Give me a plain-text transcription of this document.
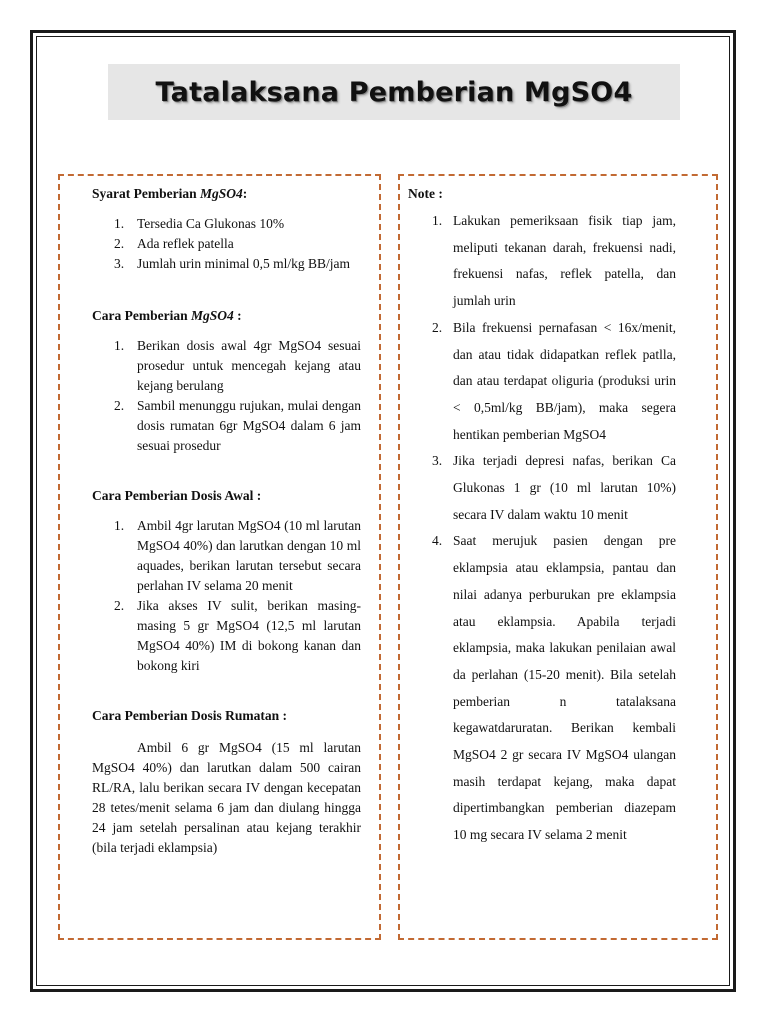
Tatalaksana Pemberian MgSO4

Syarat Pemberian MgSO4:

1. Tersedia Ca Glukonas 10%
2. Ada reflek patella
3. Jumlah urin minimal 0,5 ml/kg BB/jam

Cara Pemberian MgSO4 :

1. Berikan dosis awal 4gr MgSO4 sesuai prosedur untuk mencegah kejang atau kejang berulang
2. Sambil menunggu rujukan, mulai dengan dosis rumatan 6gr MgSO4 dalam 6 jam sesuai prosedur

Cara Pemberian Dosis Awal :

1. Ambil 4gr larutan MgSO4 (10 ml larutan MgSO4 40%) dan larutkan dengan 10 ml aquades, berikan larutan tersebut secara perlahan IV selama 20 menit
2. Jika akses IV sulit, berikan masing-masing 5 gr MgSO4 (12,5 ml larutan MgSO4 40%) IM di bokong kanan dan bokong kiri

Cara Pemberian Dosis Rumatan :

Ambil 6 gr MgSO4 (15 ml larutan MgSO4 40%) dan larutkan dalam 500 cairan RL/RA, lalu berikan secara IV dengan kecepatan 28 tetes/menit selama 6 jam dan diulang hingga 24 jam setelah persalinan atau kejang terakhir (bila terjadi eklampsia)

Note :

1. Lakukan pemeriksaan fisik tiap jam, meliputi tekanan darah, frekuensi nadi, frekuensi nafas, reflek patella, dan jumlah urin
2. Bila frekuensi pernafasan < 16x/menit, dan atau tidak didapatkan reflek patlla, dan atau terdapat oliguria (produksi urin < 0,5ml/kg BB/jam), maka segera hentikan pemberian MgSO4
3. Jika terjadi depresi nafas, berikan Ca Glukonas 1 gr (10 ml larutan 10%) secara IV dalam waktu 10 menit
4. Saat merujuk pasien dengan pre eklampsia atau eklampsia, pantau dan nilai adanya perburukan pre eklampsia atau eklampsia. Apabila terjadi eklampsia, maka lakukan penilaian awal da perlahan (15-20 menit). Bila setelah pemberian n tatalaksana kegawatdaruratan. Berikan kembali MgSO4 2 gr secara IV MgSO4 ulangan masih terdapat kejang, maka dapat dipertimbangkan pemberian diazepam 10 mg secara IV selama 2 menit
